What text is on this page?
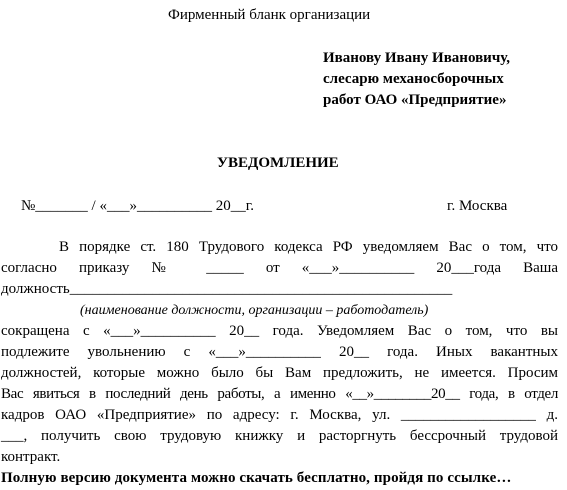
Фирменный бланк организации
Иванову Ивану Ивановичу,
слесарю механосборочных
работ ОАО «Предприятие»
УВЕДОМЛЕНИЕ
№_______ / «___»__________ 20__г.	г. Москва
В порядке ст. 180 Трудового кодекса РФ уведомляем Вас о том, что
согласно приказу № _____ от «___»__________ 20___года Ваша
должность___________________________________________________
(наименование должности, организации – работодатель)
сокращена с «___»__________ 20__ года. Уведомляем Вас о том, что вы
подлежите увольнению с «___»__________ 20__ года. Иных вакантных
должностей, которые можно было бы Вам предложить, не имеется. Просим
Вас явиться в последний день работы, а именно «__»________20__ года, в отдел
кадров ОАО «Предприятие» по адресу: г. Москва, ул. __________________ д.
___, получить свою трудовую книжку и расторгнуть бессрочный трудовой
контракт.
Полную версию документа можно скачать бесплатно, пройдя по ссылке…
